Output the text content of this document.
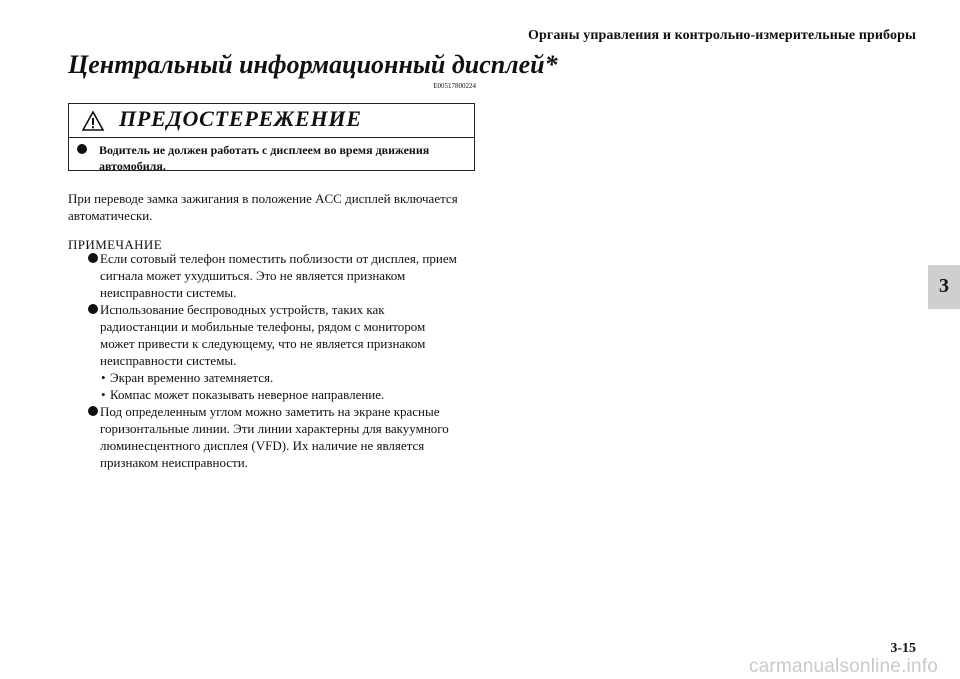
Органы управления и контрольно-измерительные приборы
Центральный информационный дисплей*
E00517800224
ПРЕДОСТЕРЕЖЕНИЕ
Водитель не должен работать с дисплеем во время движения
автомобиля.
При переводе замка зажигания в положение ACC дисплей включается
автоматически.
ПРИМЕЧАНИЕ
Если сотовый телефон поместить поблизости от дисплея, прием
сигнала может ухудшиться. Это не является признаком
неисправности системы.
Использование беспроводных устройств, таких как
радиостанции и мобильные телефоны, рядом с монитором
может привести к следующему, что не является признаком
неисправности системы.
• Экран временно затемняется.
• Компас может показывать неверное направление.
Под определенным углом можно заметить на экране красные
горизонтальные линии. Эти линии характерны для вакуумного
люминесцентного дисплея (VFD). Их наличие не является
признаком неисправности.
3
3-15
carmanualsonline.info
